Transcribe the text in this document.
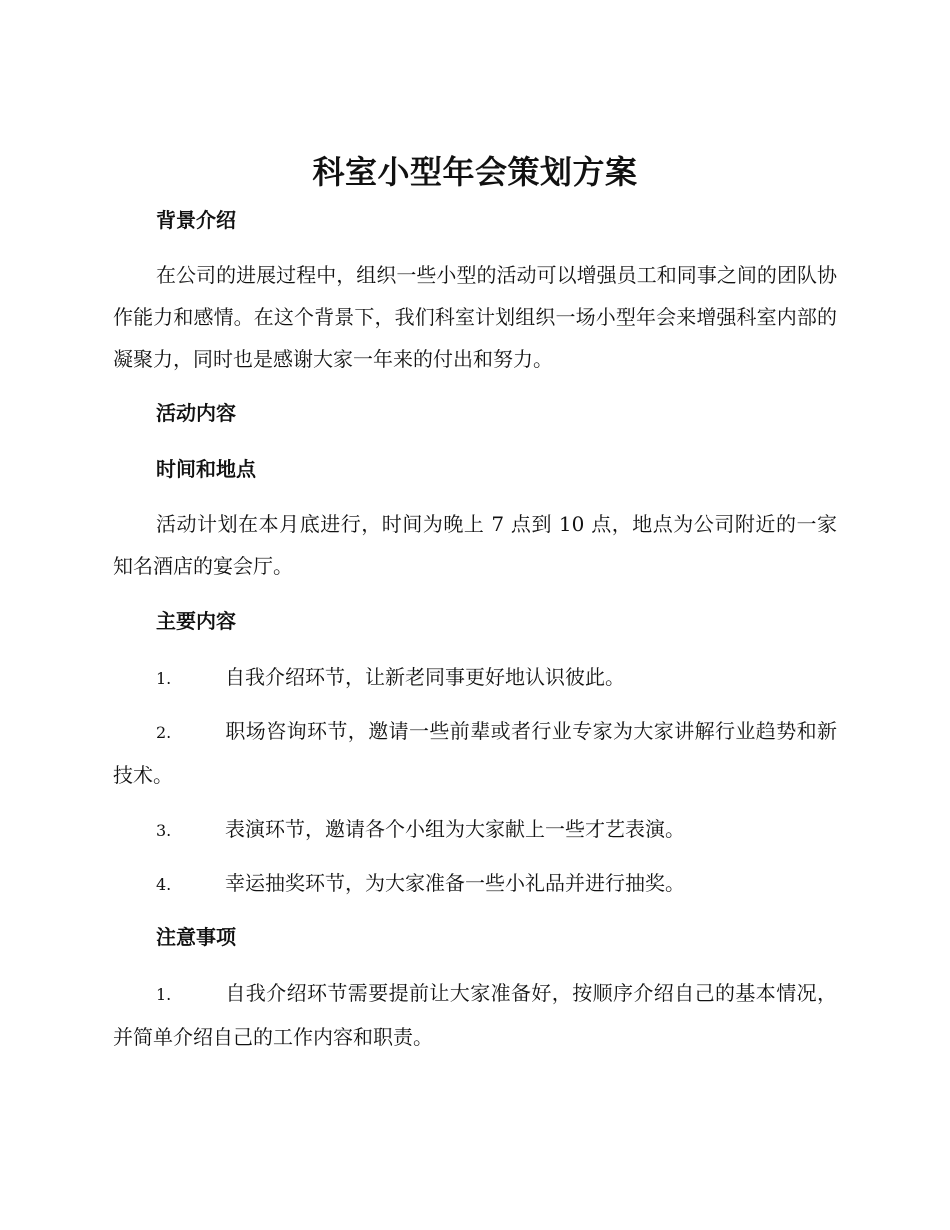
科室小型年会策划方案
背景介绍

在公司的进展过程中，组织一些小型的活动可以增强员工和同事之间的团队协作能力和感情。在这个背景下，我们科室计划组织一场小型年会来增强科室内部的凝聚力，同时也是感谢大家一年来的付出和努力。

活动内容
时间和地点

活动计划在本月底进行，时间为晚上 7 点到 10 点，地点为公司附近的一家知名酒店的宴会厅。

主要内容

1.	自我介绍环节，让新老同事更好地认识彼此。

2.	职场咨询环节，邀请一些前辈或者行业专家为大家讲解行业趋势和新技术。

3.	表演环节，邀请各个小组为大家献上一些才艺表演。

4.	幸运抽奖环节，为大家准备一些小礼品并进行抽奖。

注意事项

1.	自我介绍环节需要提前让大家准备好，按顺序介绍自己的基本情况，并简单介绍自己的工作内容和职责。
